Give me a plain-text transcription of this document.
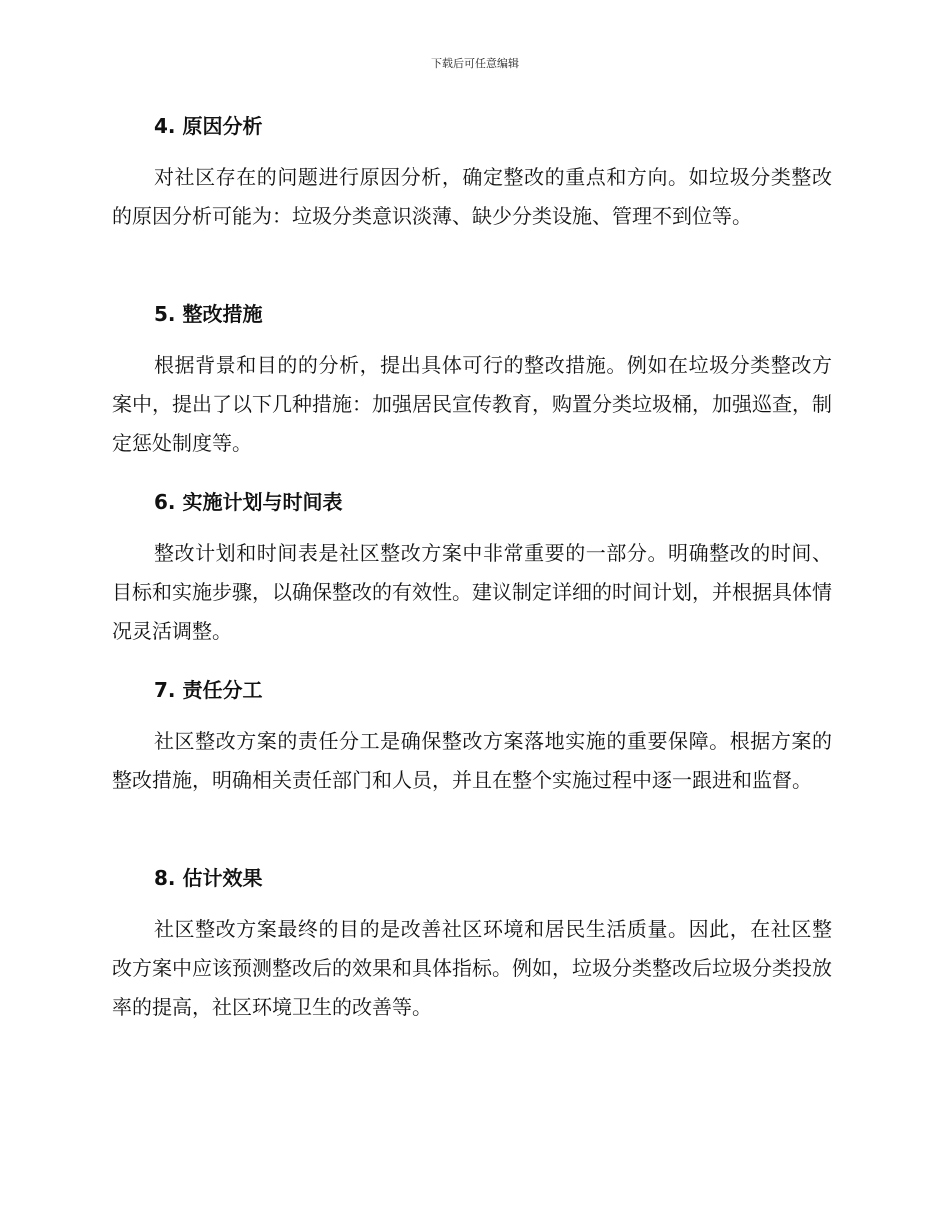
下载后可任意编辑
4. 原因分析

对社区存在的问题进行原因分析，确定整改的重点和方向。如垃圾分类整改的原因分析可能为：垃圾分类意识淡薄、缺少分类设施、管理不到位等。

5. 整改措施

根据背景和目的的分析，提出具体可行的整改措施。例如在垃圾分类整改方案中，提出了以下几种措施：加强居民宣传教育，购置分类垃圾桶，加强巡查，制定惩处制度等。

6. 实施计划与时间表

整改计划和时间表是社区整改方案中非常重要的一部分。明确整改的时间、目标和实施步骤，以确保整改的有效性。建议制定详细的时间计划，并根据具体情况灵活调整。

7. 责任分工

社区整改方案的责任分工是确保整改方案落地实施的重要保障。根据方案的整改措施，明确相关责任部门和人员，并且在整个实施过程中逐一跟进和监督。

8. 估计效果

社区整改方案最终的目的是改善社区环境和居民生活质量。因此，在社区整改方案中应该预测整改后的效果和具体指标。例如，垃圾分类整改后垃圾分类投放率的提高，社区环境卫生的改善等。
